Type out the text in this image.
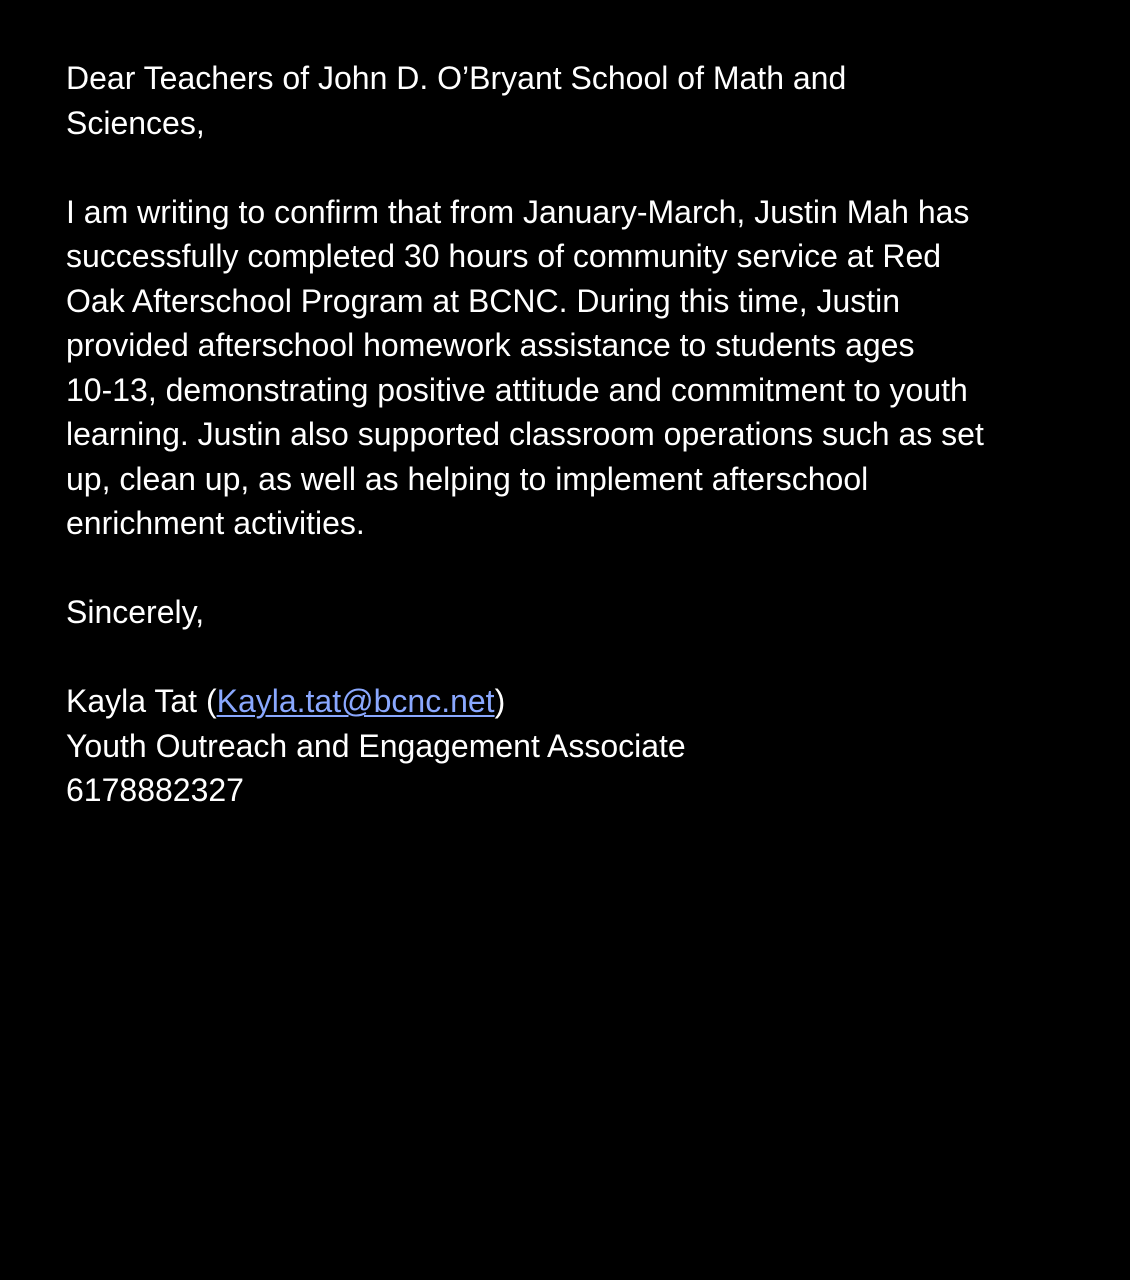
Dear Teachers of John D. O’Bryant School of Math and
Sciences,

I am writing to confirm that from January-March, Justin Mah has
successfully completed 30 hours of community service at Red
Oak Afterschool Program at BCNC. During this time, Justin
provided afterschool homework assistance to students ages
10-13, demonstrating positive attitude and commitment to youth
learning. Justin also supported classroom operations such as set
up, clean up, as well as helping to implement afterschool
enrichment activities.

Sincerely,

Kayla Tat (Kayla.tat@bcnc.net)
Youth Outreach and Engagement Associate
6178882327
